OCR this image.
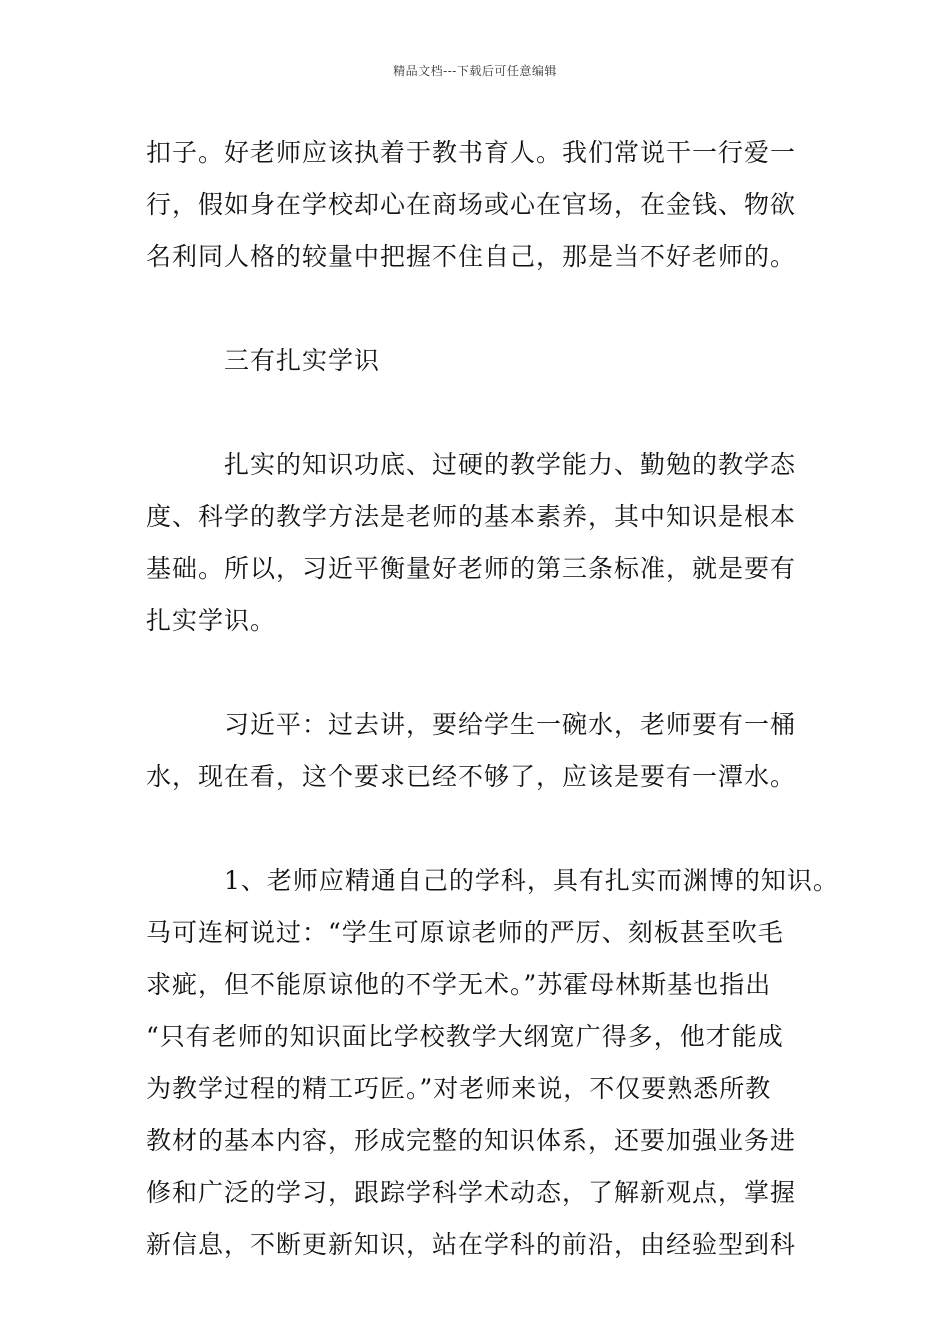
精品文档---下载后可任意编辑
扣子。好老师应该执着于教书育人。我们常说干一行爱一
行，假如身在学校却心在商场或心在官场，在金钱、物欲
名利同人格的较量中把握不住自己，那是当不好老师的。
三有扎实学识
扎实的知识功底、过硬的教学能力、勤勉的教学态
度、科学的教学方法是老师的基本素养，其中知识是根本
基础。所以，习近平衡量好老师的第三条标准，就是要有
扎实学识。
习近平：过去讲，要给学生一碗水，老师要有一桶
水，现在看，这个要求已经不够了，应该是要有一潭水。
1、老师应精通自己的学科，具有扎实而渊博的知识。
马可连柯说过：“学生可原谅老师的严厉、刻板甚至吹毛
求疵，但不能原谅他的不学无术。”苏霍母林斯基也指出
“只有老师的知识面比学校教学大纲宽广得多，他才能成
为教学过程的精工巧匠。”对老师来说，不仅要熟悉所教
教材的基本内容，形成完整的知识体系，还要加强业务进
修和广泛的学习，跟踪学科学术动态，了解新观点，掌握
新信息，不断更新知识，站在学科的前沿，由经验型到科
